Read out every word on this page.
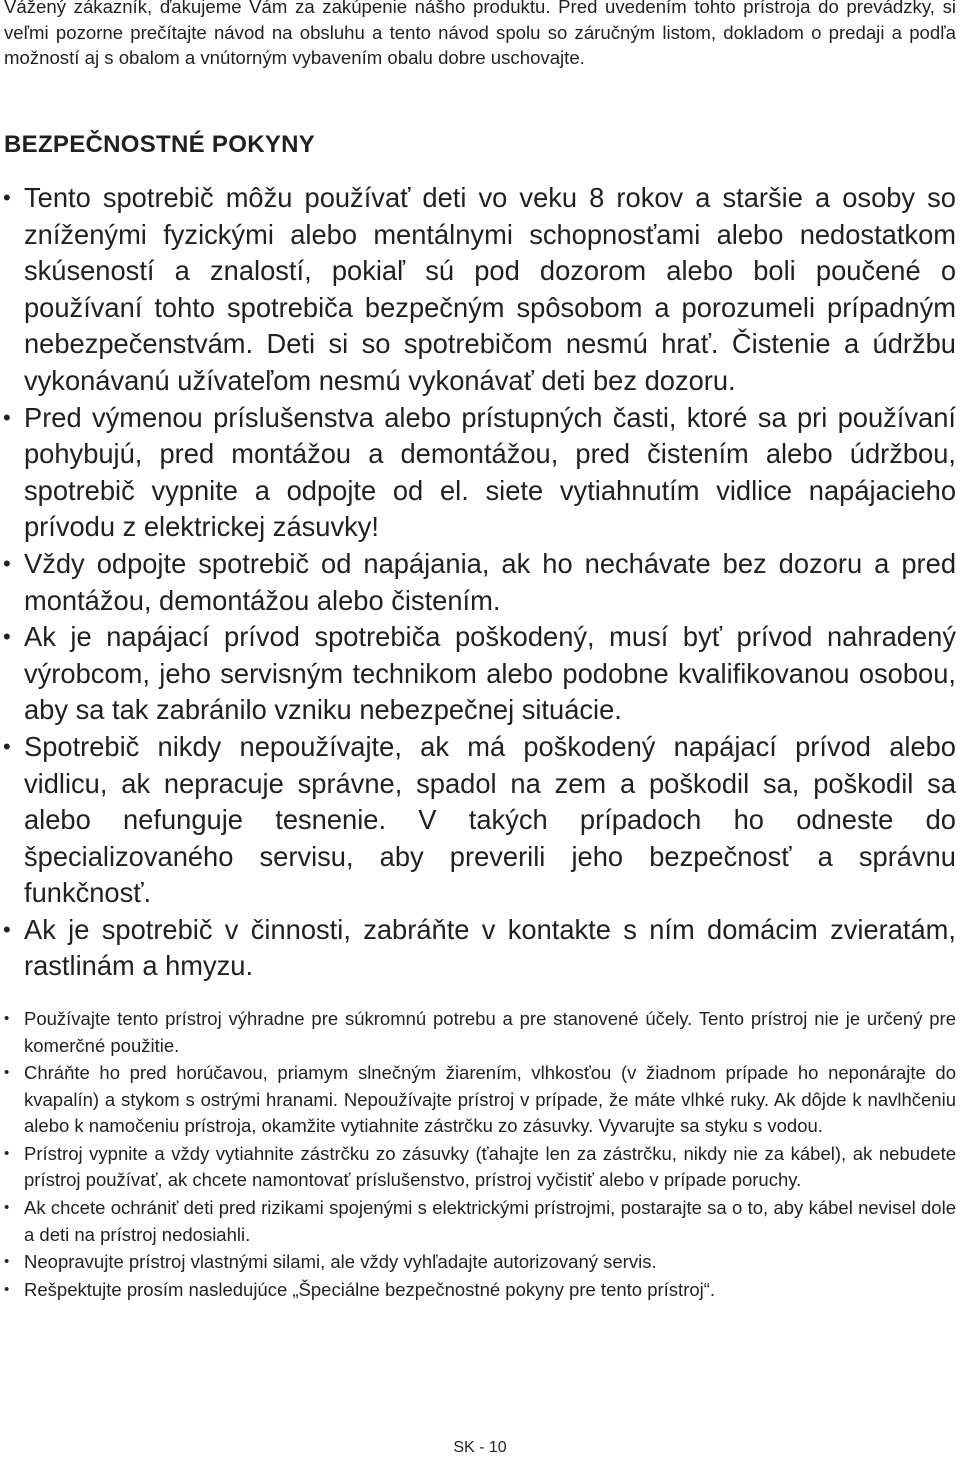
Vážený zákazník, ďakujeme Vám za zakúpenie nášho produktu. Pred uvedením tohto prístroja do prevádzky, si veľmi pozorne prečítajte návod na obsluhu a tento návod spolu so záručným listom, dokladom o predaji a podľa možností aj s obalom a vnútorným vybavením obalu dobre uschovajte.

BEZPEČNOSTNÉ POKYNY
• Tento spotrebič môžu používať deti vo veku 8 rokov a staršie a osoby so zníženými fyzickými alebo mentálnymi schopnosťami alebo nedostatkom skúseností a znalostí, pokiaľ sú pod dozorom alebo boli poučené o používaní tohto spotrebiča bezpečným spôsobom a porozumeli prípadným nebezpečenstvám. Deti si so spotrebičom nesmú hrať. Čistenie a údržbu vykonávanú užívateľom nesmú vykonávať deti bez dozoru.
• Pred výmenou príslušenstva alebo prístupných časti, ktoré sa pri používaní pohybujú, pred montážou a demontážou, pred čistením alebo údržbou, spotrebič vypnite a odpojte od el. siete vytiahnutím vidlice napájacieho prívodu z elektrickej zásuvky!
• Vždy odpojte spotrebič od napájania, ak ho nechávate bez dozoru a pred montážou, demontážou alebo čistením.
• Ak je napájací prívod spotrebiča poškodený, musí byť prívod nahradený výrobcom, jeho servisným technikom alebo podobne kvalifikovanou osobou, aby sa tak zabránilo vzniku nebezpečnej situácie.
• Spotrebič nikdy nepoužívajte, ak má poškodený napájací prívod alebo vidlicu, ak nepracuje správne, spadol na zem a poškodil sa, poškodil sa alebo nefunguje tesnenie. V takých prípadoch ho odneste do špecializovaného servisu, aby preverili jeho bezpečnosť a správnu funkčnosť.
• Ak je spotrebič v činnosti, zabráňte v kontakte s ním domácim zvieratám, rastlinám a hmyzu.
• Používajte tento prístroj výhradne pre súkromnú potrebu a pre stanovené účely. Tento prístroj nie je určený pre komerčné použitie.
• Chráňte ho pred horúčavou, priamym slnečným žiarením, vlhkosťou (v žiadnom prípade ho neponárajte do kvapalín) a stykom s ostrými hranami. Nepoužívajte prístroj v prípade, že máte vlhké ruky. Ak dôjde k navlhčeniu alebo k namočeniu prístroja, okamžite vytiahnite zástrčku zo zásuvky. Vyvarujte sa styku s vodou.
• Prístroj vypnite a vždy vytiahnite zástrčku zo zásuvky (ťahajte len za zástrčku, nikdy nie za kábel), ak nebudete prístroj používať, ak chcete namontovať príslušenstvo, prístroj vyčistiť alebo v prípade poruchy.
• Ak chcete ochrániť deti pred rizikami spojenými s elektrickými prístrojmi, postarajte sa o to, aby kábel nevisel dole a deti na prístroj nedosiahli.
• Neopravujte prístroj vlastnými silami, ale vždy vyhľadajte autorizovaný servis.
• Rešpektujte prosím nasledujúce „Špeciálne bezpečnostné pokyny pre tento prístroj“.
SK - 10
